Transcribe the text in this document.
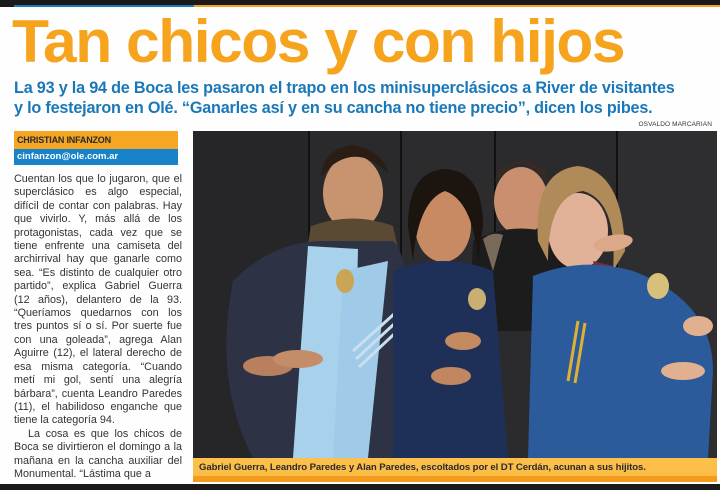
Tan chicos y con hijos
La 93 y la 94 de Boca les pasaron el trapo en los minisuperclásicos a River de visitantes
y lo festejaron en Olé. “Ganarles así y en su cancha no tiene precio”, dicen los pibes.
OSVALDO MARCARIAN
CHRISTIAN INFANZON
cinfanzon@ole.com.ar

Cuentan los que lo jugaron, que el superclásico es algo especial, difícil de contar con palabras. Hay que vivirlo. Y, más allá de los protagonistas, cada vez que se tiene enfrente una camiseta del archirrival hay que ganarle como sea. “Es distinto de cualquier otro partido”, explica Gabriel Guerra (12 años), delantero de la 93. “Queríamos quedarnos con los tres puntos sí o sí. Por suerte fue con una goleada”, agrega Alan Aguirre (12), el lateral derecho de esa misma categoría. “Cuando metí mi gol, sentí una alegría bárbara”, cuenta Leandro Paredes (11), el habilidoso enganche que tiene la categoría 94.

La cosa es que los chicos de Boca se divirtieron el domingo a la mañana en la cancha auxiliar del Monumental. “Lástima que a

Gabriel Guerra, Leandro Paredes y Alan Paredes, escoltados por el DT Cerdán, acunan a sus hijitos.
